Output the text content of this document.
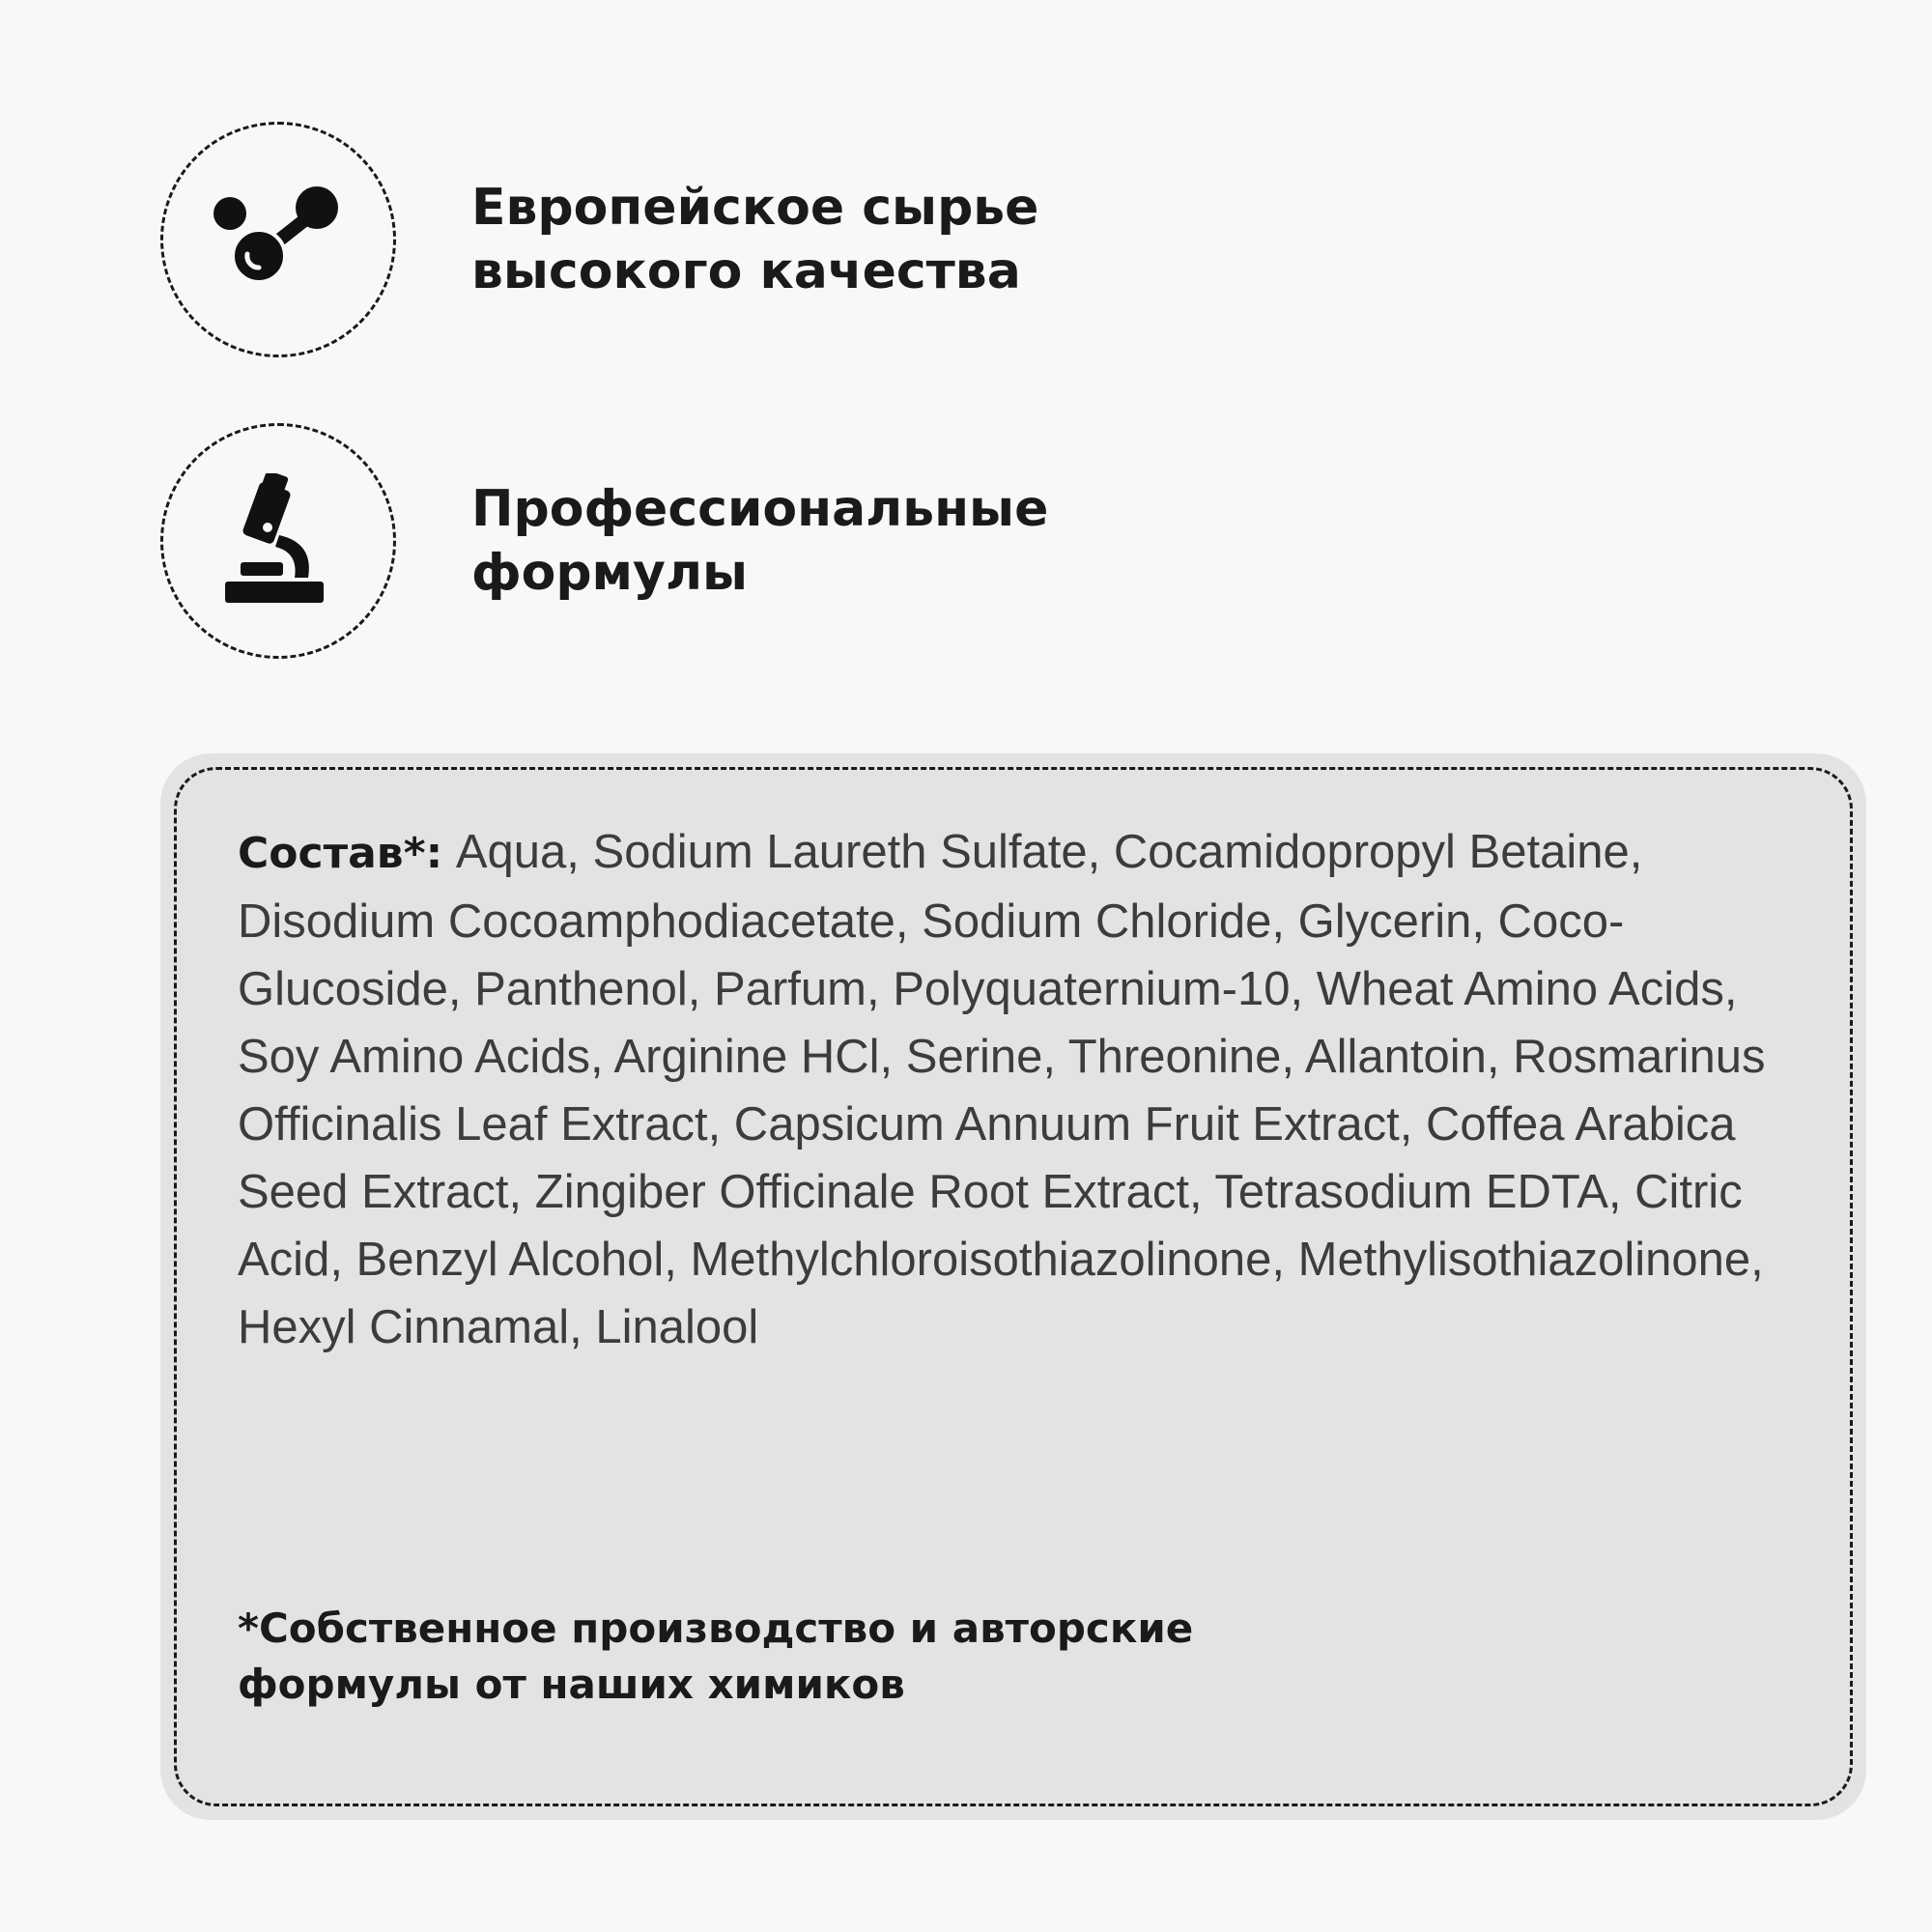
Европейское сырье
высокого качества
Профессиональные
формулы
Состав*: Aqua, Sodium Laureth Sulfate, Cocamidopropyl Betaine, Disodium Cocoamphodiacetate, Sodium Chloride, Glycerin, Coco-Glucoside, Panthenol, Parfum, Polyquaternium-10, Wheat Amino Acids, Soy Amino Acids, Arginine HCl, Serine, Threonine, Allantoin, Rosmarinus Officinalis Leaf Extract, Capsicum Annuum Fruit Extract, Coffea Arabica Seed Extract, Zingiber Officinale Root Extract, Tetrasodium EDTA, Citric Acid, Benzyl Alcohol, Methylchloroisothiazolinone, Methylisothiazolinone, Hexyl Cinnamal, Linalool
*Собственное производство и авторские
формулы от наших химиков
